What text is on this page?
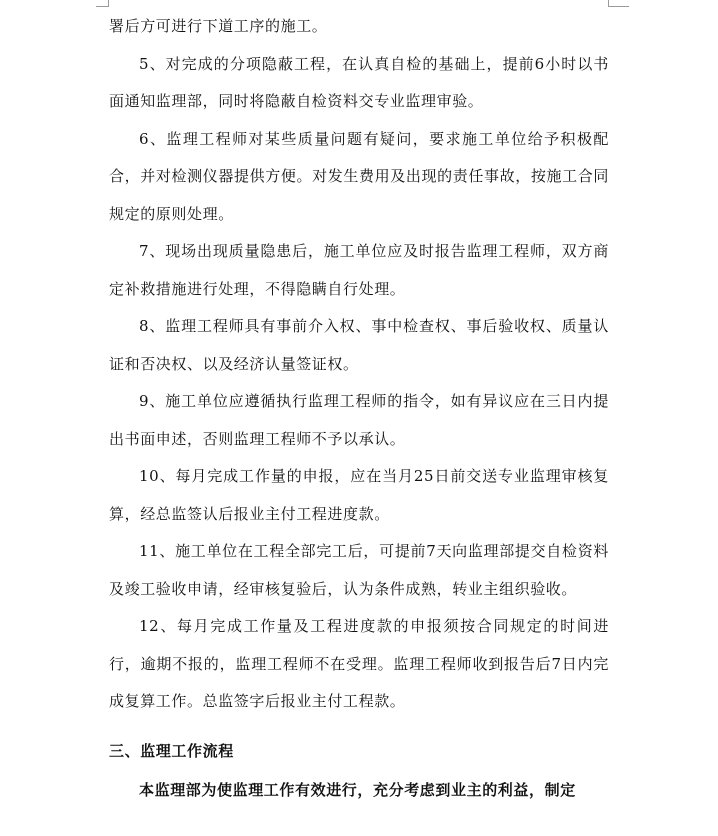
署后方可进行下道工序的施工。

5、对完成的分项隐蔽工程，在认真自检的基础上，提前6小时以书面通知监理部，同时将隐蔽自检资料交专业监理审验。

6、监理工程师对某些质量问题有疑问，要求施工单位给予积极配合，并对检测仪器提供方便。对发生费用及出现的责任事故，按施工合同规定的原则处理。

7、现场出现质量隐患后，施工单位应及时报告监理工程师，双方商定补救措施进行处理，不得隐瞒自行处理。

8、监理工程师具有事前介入权、事中检查权、事后验收权、质量认证和否决权、以及经济认量签证权。

9、施工单位应遵循执行监理工程师的指令，如有异议应在三日内提出书面申述，否则监理工程师不予以承认。

10、每月完成工作量的申报，应在当月25日前交送专业监理审核复算，经总监签认后报业主付工程进度款。

11、施工单位在工程全部完工后，可提前7天向监理部提交自检资料及竣工验收申请，经审核复验后，认为条件成熟，转业主组织验收。

12、每月完成工作量及工程进度款的申报须按合同规定的时间进行，逾期不报的，监理工程师不在受理。监理工程师收到报告后7日内完成复算工作。总监签字后报业主付工程款。

三、监理工作流程

本监理部为使监理工作有效进行，充分考虑到业主的利益，制定
